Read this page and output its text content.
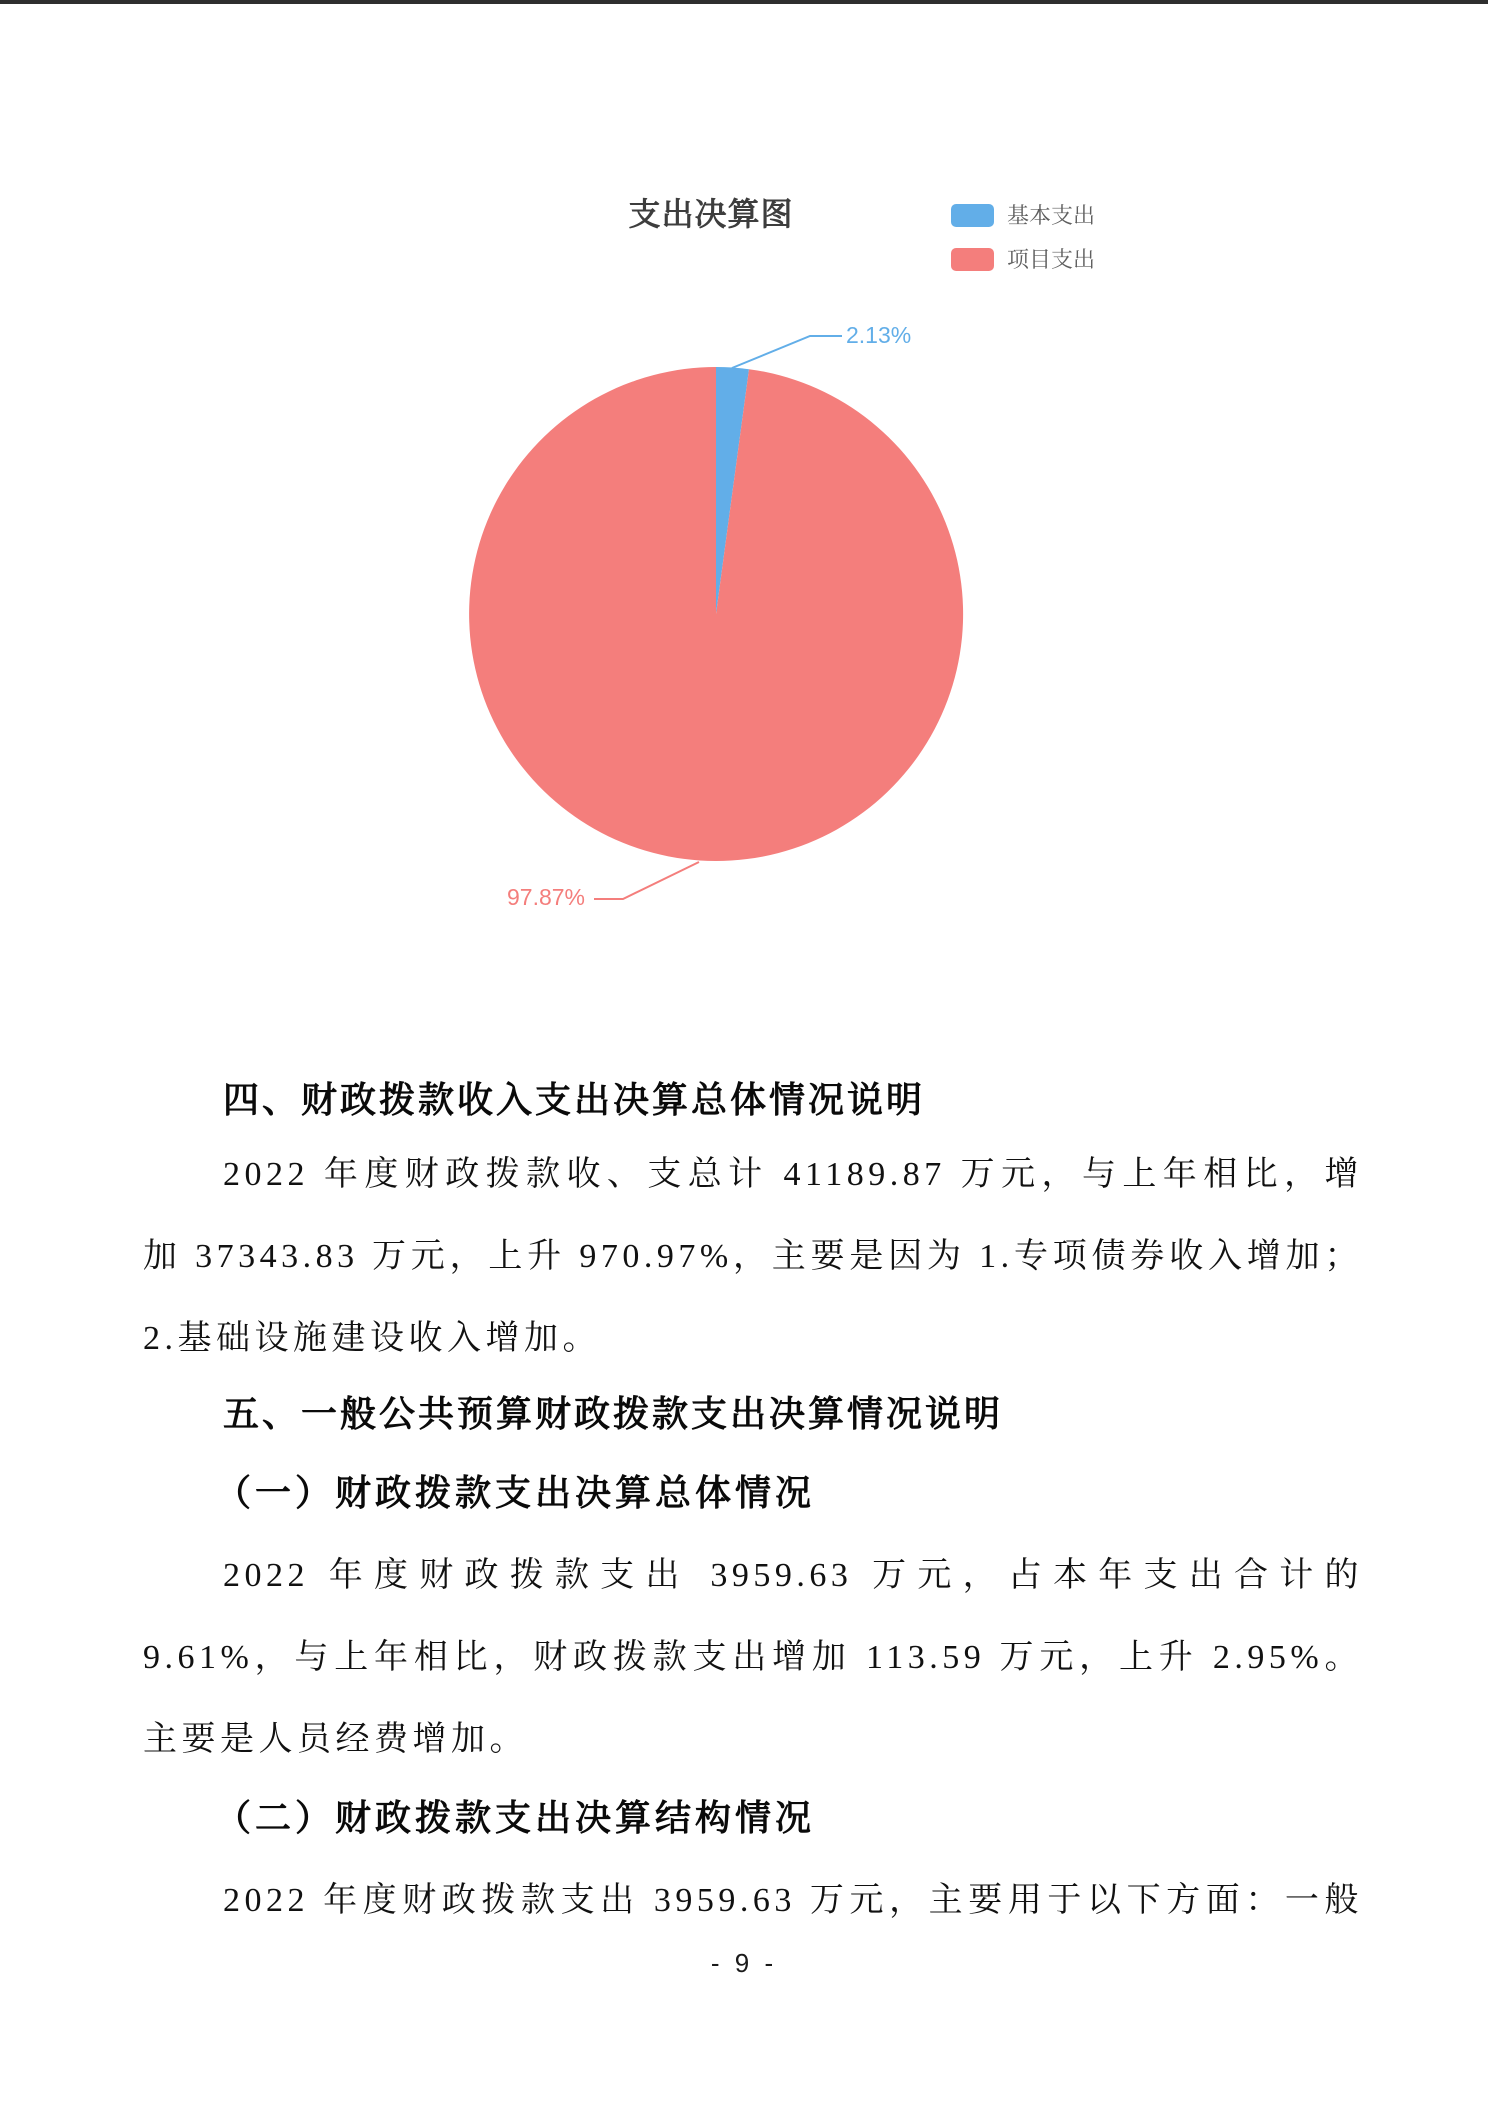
支出决算图	基本支出
项目支出
2.13%
97.87%
四、财政拨款收入支出决算总体情况说明
2022 年度财政拨款收、支总计 41189.87 万元，与上年相比，增
加 37343.83 万元，上升 970.97%，主要是因为 1.专项债券收入增加；
2.基础设施建设收入增加。
五、一般公共预算财政拨款支出决算情况说明
（一）财政拨款支出决算总体情况
2022 年度财政拨款支出 3959.63 万元，占本年支出合计的
9.61%，与上年相比，财政拨款支出增加 113.59 万元，上升 2.95%。
主要是人员经费增加。
（二）财政拨款支出决算结构情况
2022 年度财政拨款支出 3959.63 万元，主要用于以下方面：一般
- 9 -
